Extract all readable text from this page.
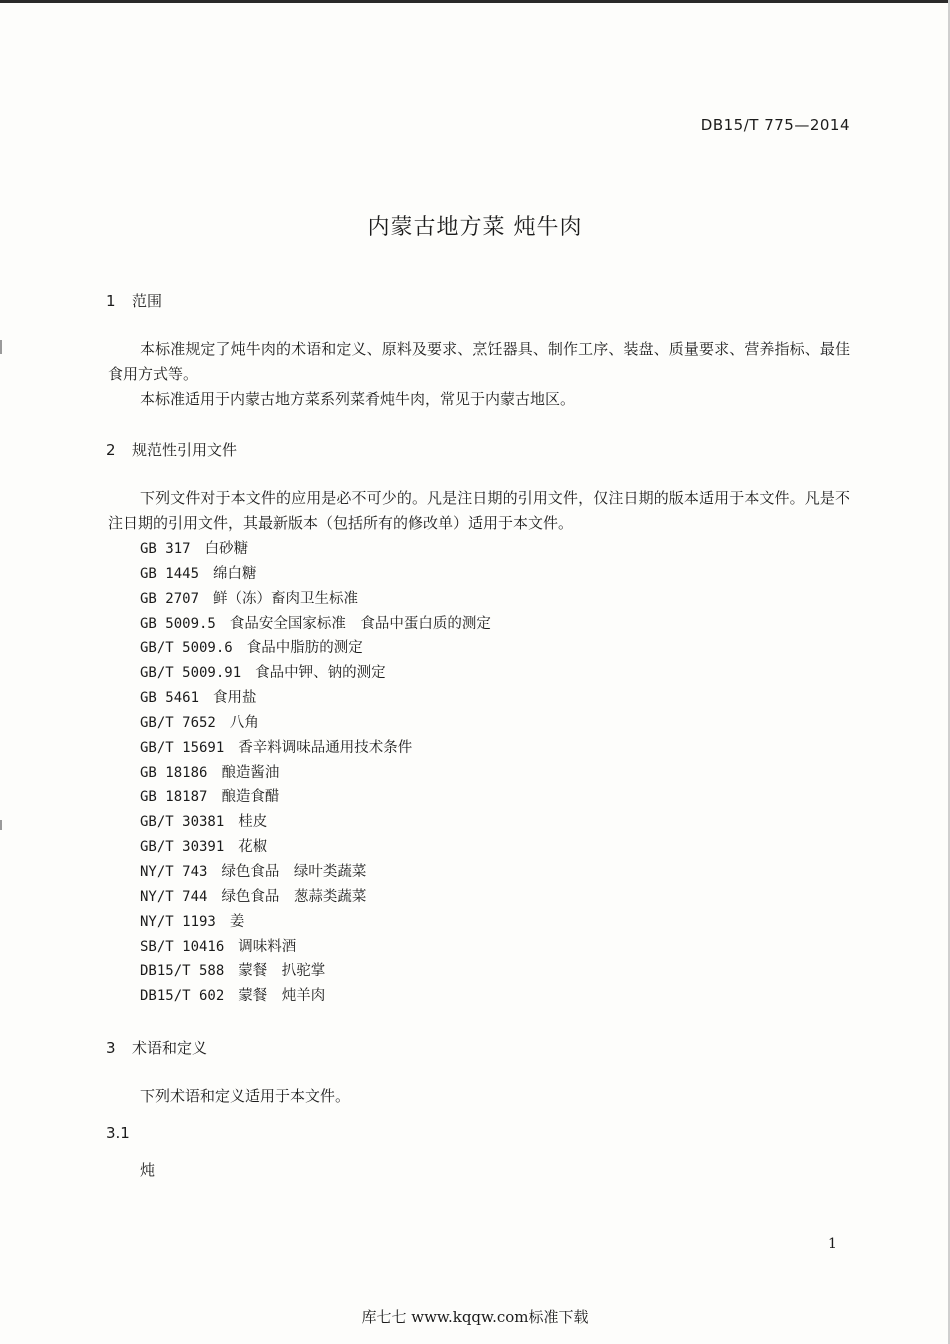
DB15/T 775—2014
内蒙古地方菜 炖牛肉
1 范围
本标准规定了炖牛肉的术语和定义、原料及要求、烹饪器具、制作工序、装盘、质量要求、营养指标、最佳食用方式等。
本标准适用于内蒙古地方菜系列菜肴炖牛肉，常见于内蒙古地区。
2 规范性引用文件
下列文件对于本文件的应用是必不可少的。凡是注日期的引用文件，仅注日期的版本适用于本文件。凡是不注日期的引用文件，其最新版本（包括所有的修改单）适用于本文件。
GB 317 白砂糖
GB 1445 绵白糖
GB 2707 鲜（冻）畜肉卫生标准
GB 5009.5 食品安全国家标准　食品中蛋白质的测定
GB/T 5009.6 食品中脂肪的测定
GB/T 5009.91 食品中钾、钠的测定
GB 5461 食用盐
GB/T 7652 八角
GB/T 15691 香辛料调味品通用技术条件
GB 18186 酿造酱油
GB 18187 酿造食醋
GB/T 30381 桂皮
GB/T 30391 花椒
NY/T 743 绿色食品　绿叶类蔬菜
NY/T 744 绿色食品　葱蒜类蔬菜
NY/T 1193 姜
SB/T 10416 调味料酒
DB15/T 588 蒙餐　扒驼掌
DB15/T 602 蒙餐　炖羊肉
3 术语和定义
下列术语和定义适用于本文件。
3.1
炖
1
库七七 www.kqqw.com标准下载
